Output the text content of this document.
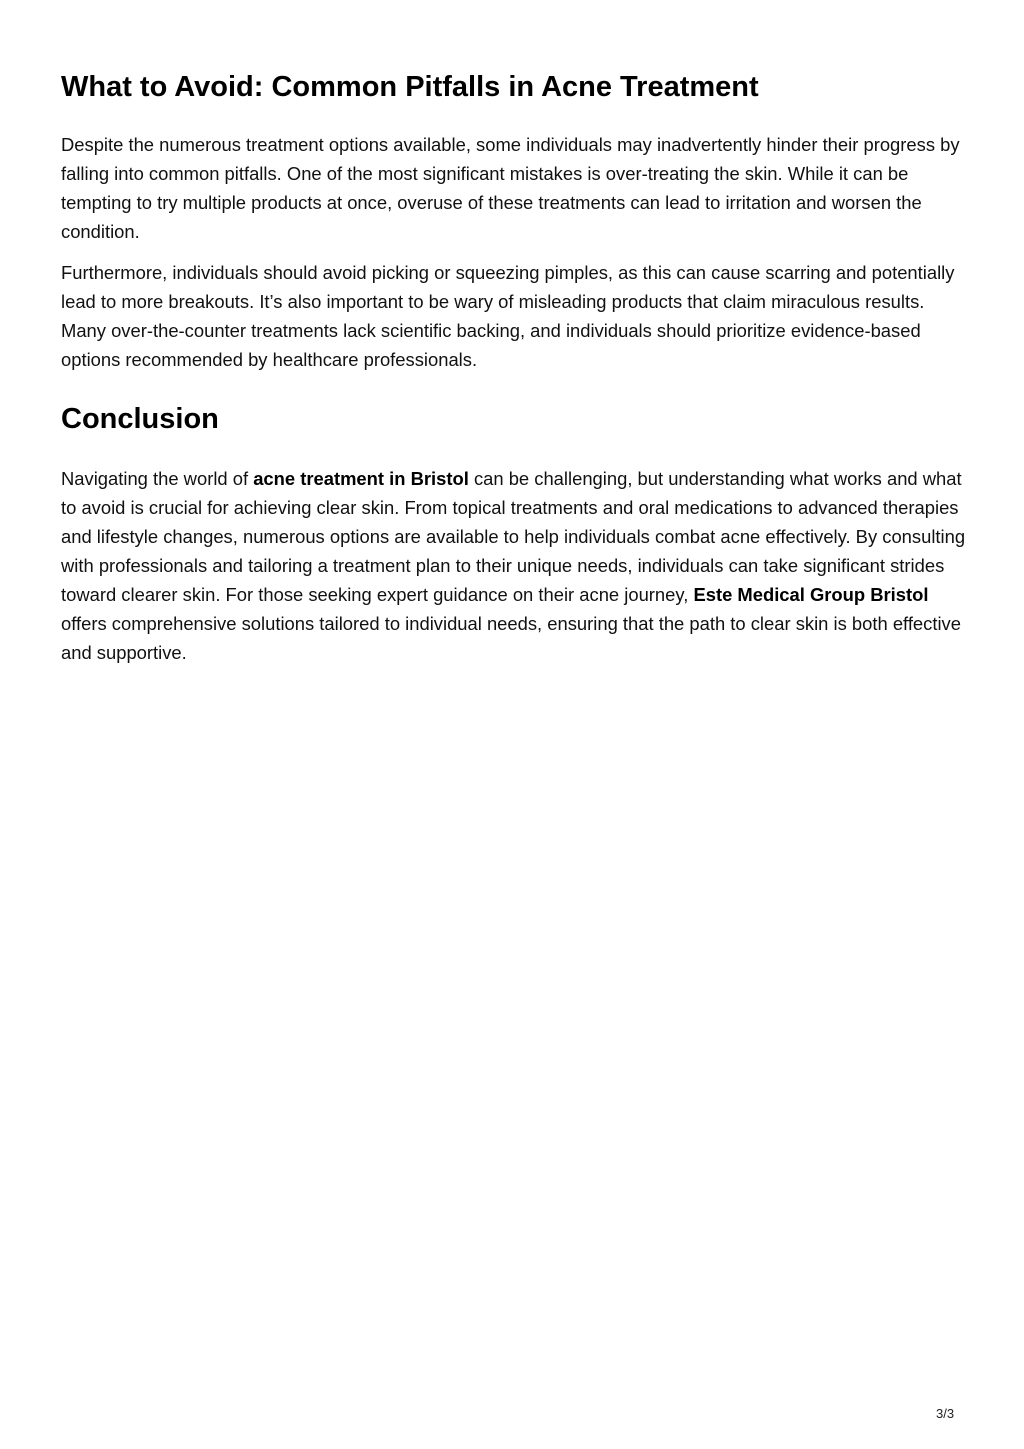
What to Avoid: Common Pitfalls in Acne Treatment

Despite the numerous treatment options available, some individuals may inadvertently hinder their progress by falling into common pitfalls. One of the most significant mistakes is over-treating the skin. While it can be tempting to try multiple products at once, overuse of these treatments can lead to irritation and worsen the condition.

Furthermore, individuals should avoid picking or squeezing pimples, as this can cause scarring and potentially lead to more breakouts. It’s also important to be wary of misleading products that claim miraculous results. Many over-the-counter treatments lack scientific backing, and individuals should prioritize evidence-based options recommended by healthcare professionals.

Conclusion

Navigating the world of acne treatment in Bristol can be challenging, but understanding what works and what to avoid is crucial for achieving clear skin. From topical treatments and oral medications to advanced therapies and lifestyle changes, numerous options are available to help individuals combat acne effectively. By consulting with professionals and tailoring a treatment plan to their unique needs, individuals can take significant strides toward clearer skin. For those seeking expert guidance on their acne journey, Este Medical Group Bristol offers comprehensive solutions tailored to individual needs, ensuring that the path to clear skin is both effective and supportive.

3/3
